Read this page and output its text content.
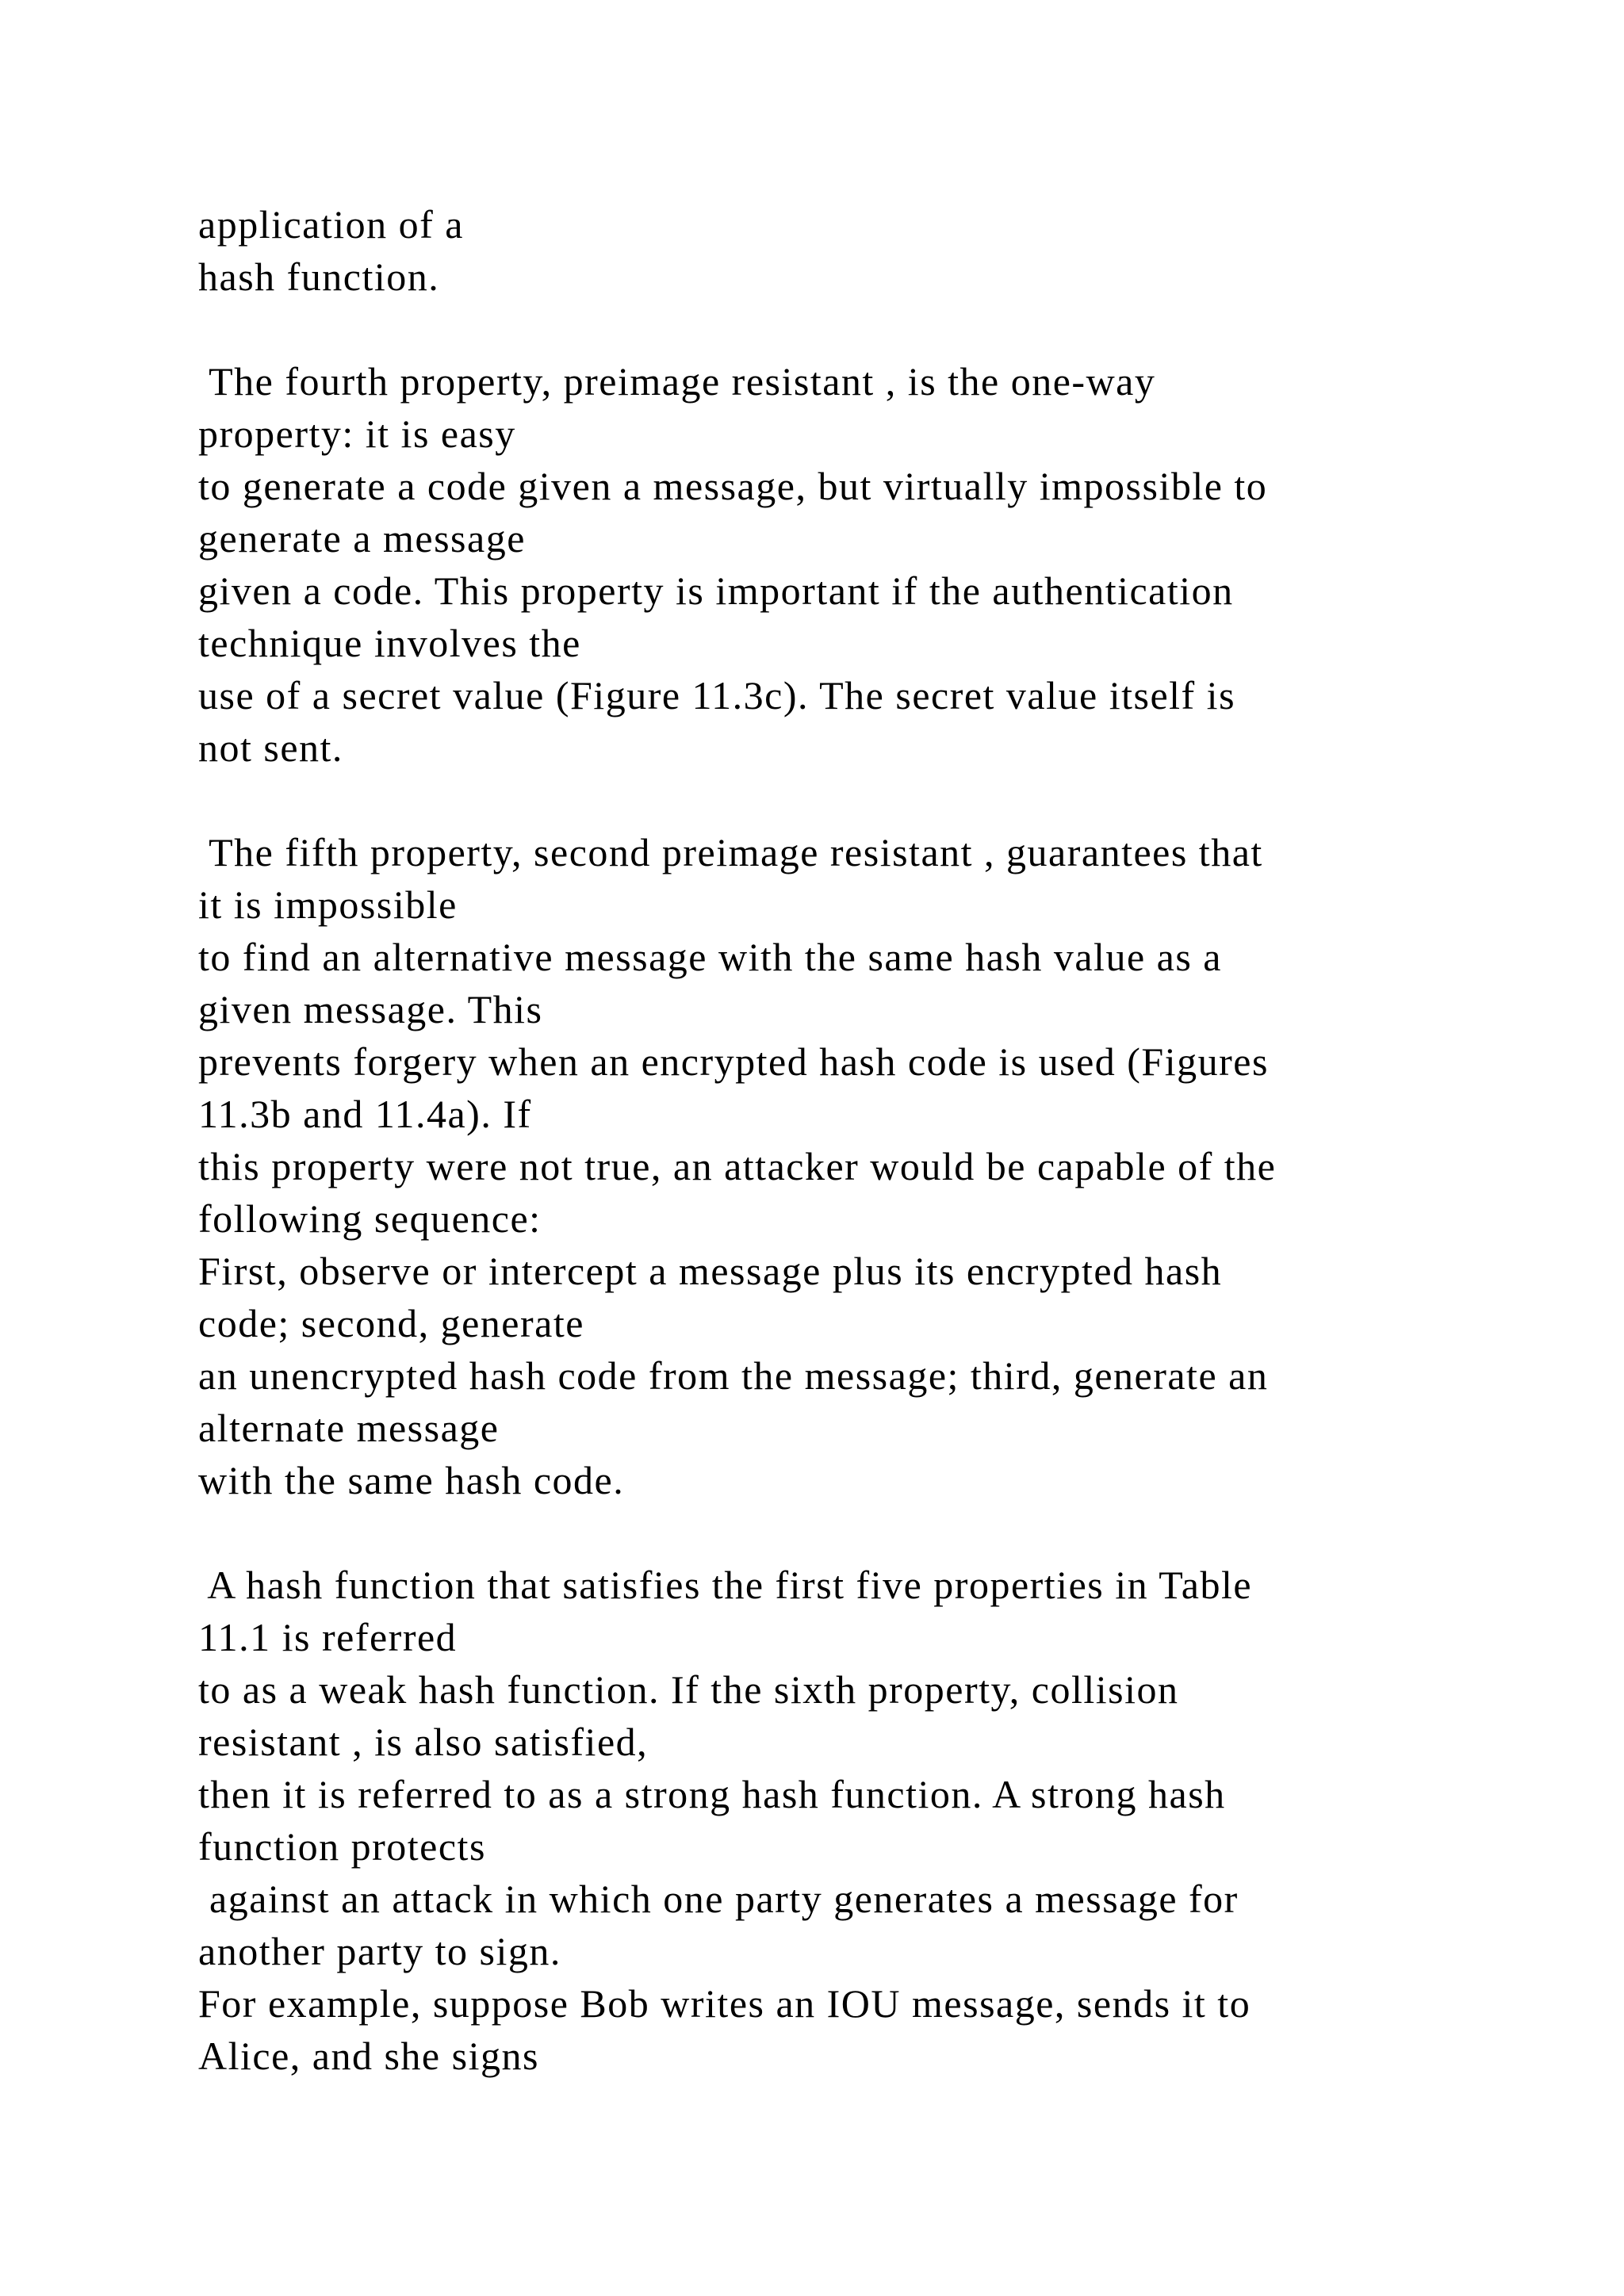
application of a
hash function.
The fourth property, preimage resistant , is the one-way
property: it is easy
to generate a code given a message, but virtually impossible to
generate a message
given a code. This property is important if the authentication
technique involves the
use of a secret value (Figure 11.3c). The secret value itself is
not sent.
The fifth property, second preimage resistant , guarantees that
it is impossible
to find an alternative message with the same hash value as a
given message. This
prevents forgery when an encrypted hash code is used (Figures
11.3b and 11.4a). If
this property were not true, an attacker would be capable of the
following sequence:
First, observe or intercept a message plus its encrypted hash
code; second, generate
an unencrypted hash code from the message; third, generate an
alternate message
with the same hash code.
A hash function that satisfies the first five properties in Table
11.1 is referred
to as a weak hash function. If the sixth property, collision
resistant , is also satisfied,
then it is referred to as a strong hash function. A strong hash
function protects
against an attack in which one party generates a message for
another party to sign.
For example, suppose Bob writes an IOU message, sends it to
Alice, and she signs
